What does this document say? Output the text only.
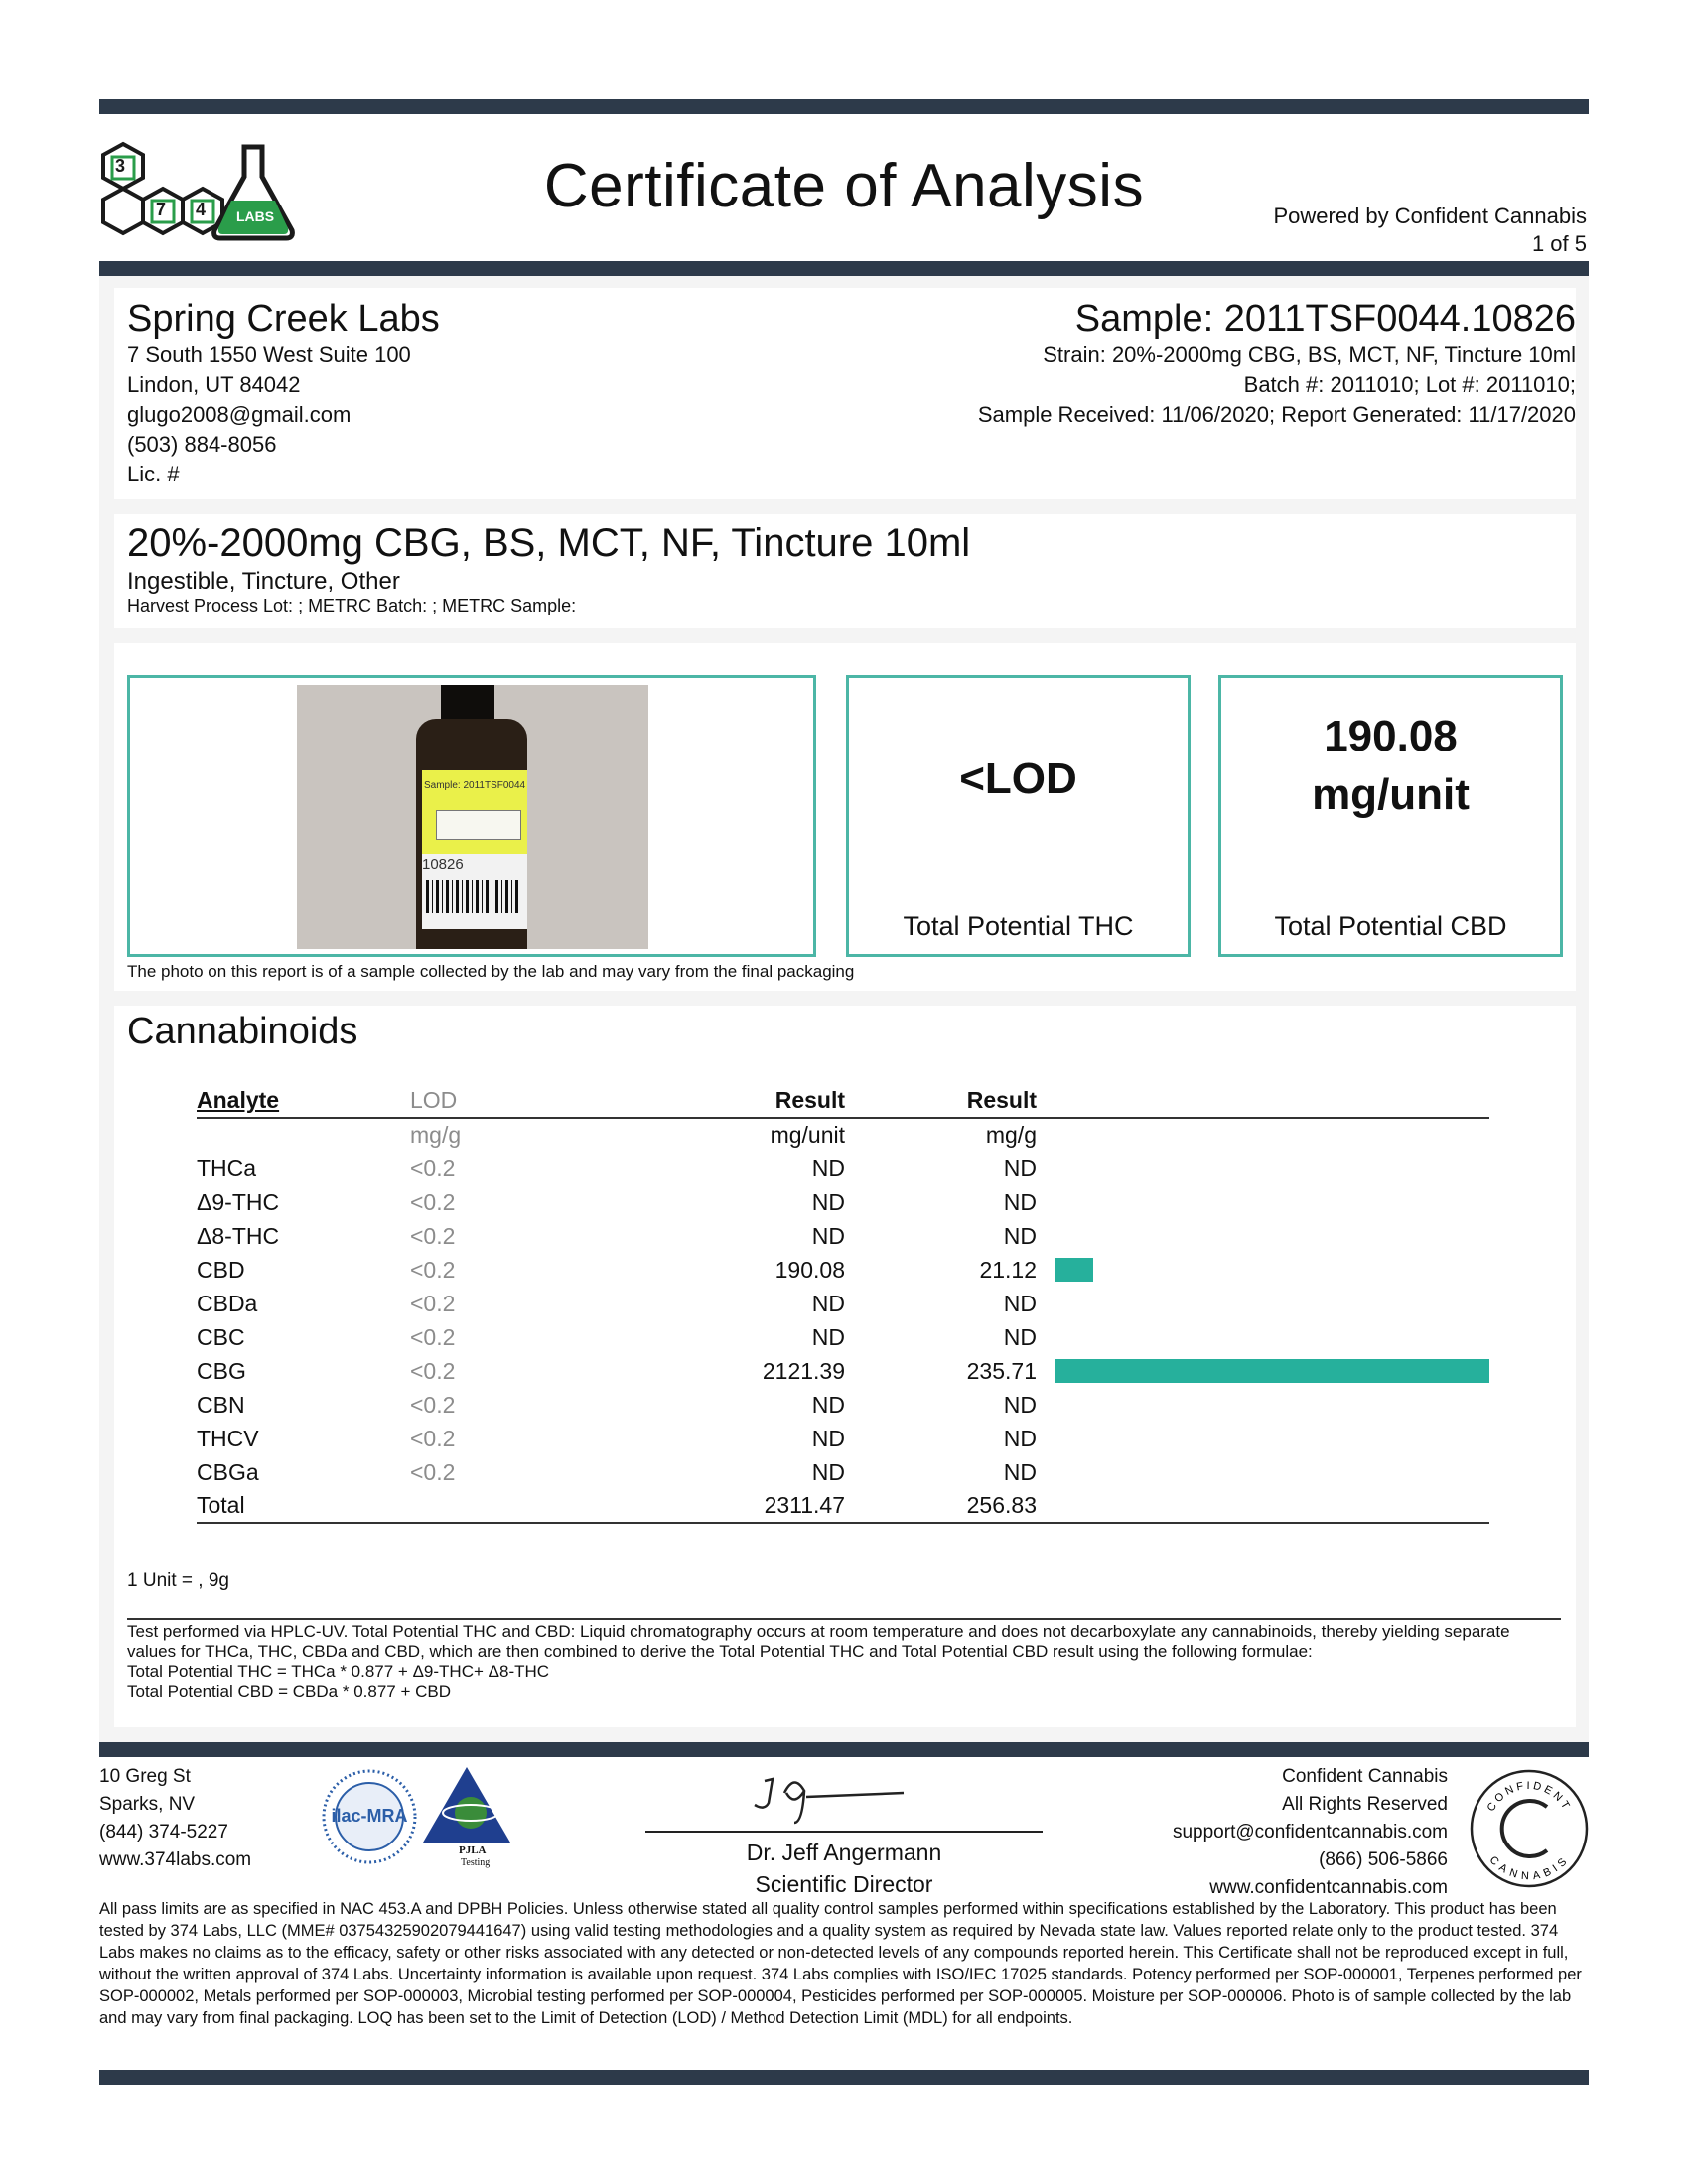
3
7 4	LABS	Certificate of Analysis	Powered by Confident Cannabis
1 of 5
Spring Creek Labs
7 South 1550 West Suite 100
Lindon, UT 84042
glugo2008@gmail.com
(503) 884-8056
Lic. #
Sample: 2011TSF0044.10826
Strain: 20%-2000mg CBG, BS, MCT, NF, Tincture 10ml
Batch #: 2011010; Lot #: 2011010;
Sample Received: 11/06/2020; Report Generated: 11/17/2020
20%-2000mg CBG, BS, MCT, NF, Tincture 10ml
Ingestible, Tincture, Other
Harvest Process Lot: ; METRC Batch: ; METRC Sample:
Sample: 2011TSF0044
10826
<LOD
Total Potential THC
190.08
mg/unit
Total Potential CBD
The photo on this report is of a sample collected by the lab and may vary from the final packaging
Cannabinoids
Analyte	LOD	Result	Result	
	mg/g	mg/unit	mg/g	
THCa	<0.2	ND	ND	
Δ9-THC	<0.2	ND	ND	
Δ8-THC	<0.2	ND	ND	
CBD	<0.2	190.08	21.12	

CBDa	<0.2	ND	ND	
CBC	<0.2	ND	ND	
CBG	<0.2	2121.39	235.71	

CBN	<0.2	ND	ND	
THCV	<0.2	ND	ND	
CBGa	<0.2	ND	ND	
Total		2311.47	256.83	
1 Unit = , 9g
Test performed via HPLC-UV. Total Potential THC and CBD: Liquid chromatography occurs at room temperature and does not decarboxylate any cannabinoids, thereby yielding separate
values for THCa, THC, CBDa and CBD, which are then combined to derive the Total Potential THC and Total Potential CBD result using the following formulae:
Total Potential THC = THCa * 0.877 + Δ9-THC+ Δ8-THC
Total Potential CBD = CBDa * 0.877 + CBD
10 Greg St
Sparks, NV
(844) 374-5227
www.374labs.com
ilac-MRA
PJLA
Testing	Dr. Jeff Angermann
Scientific Director
Confident Cannabis
All Rights Reserved
support@confidentcannabis.com
(866) 506-5866
www.confidentcannabis.com
CONFIDENT
CANNABIS
All pass limits are as specified in NAC 453.A and DPBH Policies. Unless otherwise stated all quality control samples performed within specifications established by the Laboratory. This product has been tested by 374 Labs, LLC (MME# 03754325902079441647) using valid testing methodologies and a quality system as required by Nevada state law. Values reported relate only to the product tested. 374 Labs makes no claims as to the efficacy, safety or other risks associated with any detected or non-detected levels of any compounds reported herein. This Certificate shall not be reproduced except in full, without the written approval of 374 Labs. Uncertainty information is available upon request. 374 Labs complies with ISO/IEC 17025 standards. Potency performed per SOP-000001, Terpenes performed per SOP-000002, Metals performed per SOP-000003, Microbial testing performed per SOP-000004, Pesticides performed per SOP-000005. Moisture per SOP-000006. Photo is of sample collected by the lab and may vary from final packaging. LOQ has been set to the Limit of Detection (LOD) / Method Detection Limit (MDL) for all endpoints.
